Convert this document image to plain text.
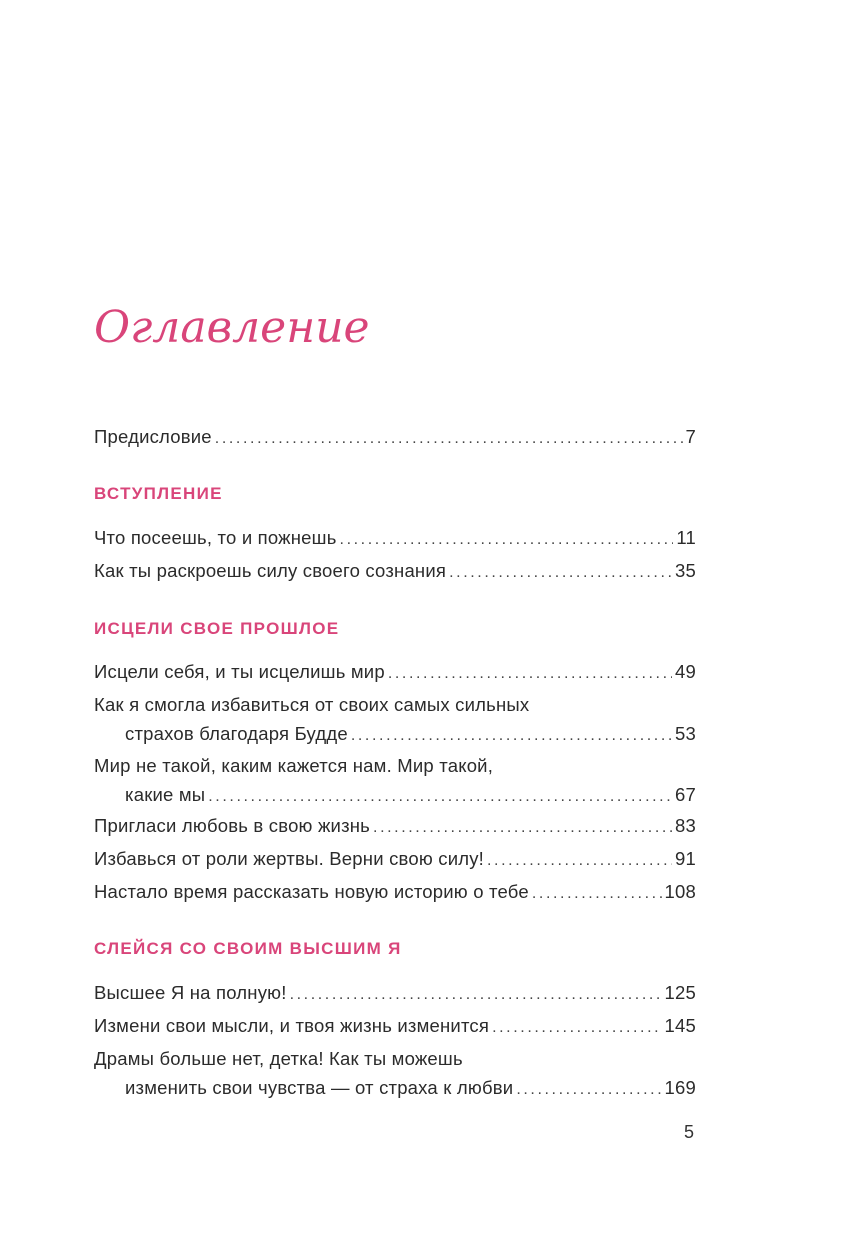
Оглавление
Предисловие .....	7
ВСТУПЛЕНИЕ
Что посеешь, то и пожнешь .....	11
Как ты раскроешь силу своего сознания .....	35
ИСЦЕЛИ СВОЕ ПРОШЛОЕ
Исцели себя, и ты исцелишь мир .....	49
Как я смогла избавиться от своих самых сильных
страхов благодаря Будде .....	53
Мир не такой, каким кажется нам. Мир такой,
какие мы .....	67
Пригласи любовь в свою жизнь .....	83
Избавься от роли жертвы. Верни свою силу! .....	91
Настало время рассказать новую историю о тебе .....	108
СЛЕЙСЯ СО СВОИМ ВЫСШИМ Я
Высшее Я на полную! .....	125
Измени свои мысли, и твоя жизнь изменится .....	145
Драмы больше нет, детка! Как ты можешь
изменить свои чувства — от страха к любви .....	169
5
